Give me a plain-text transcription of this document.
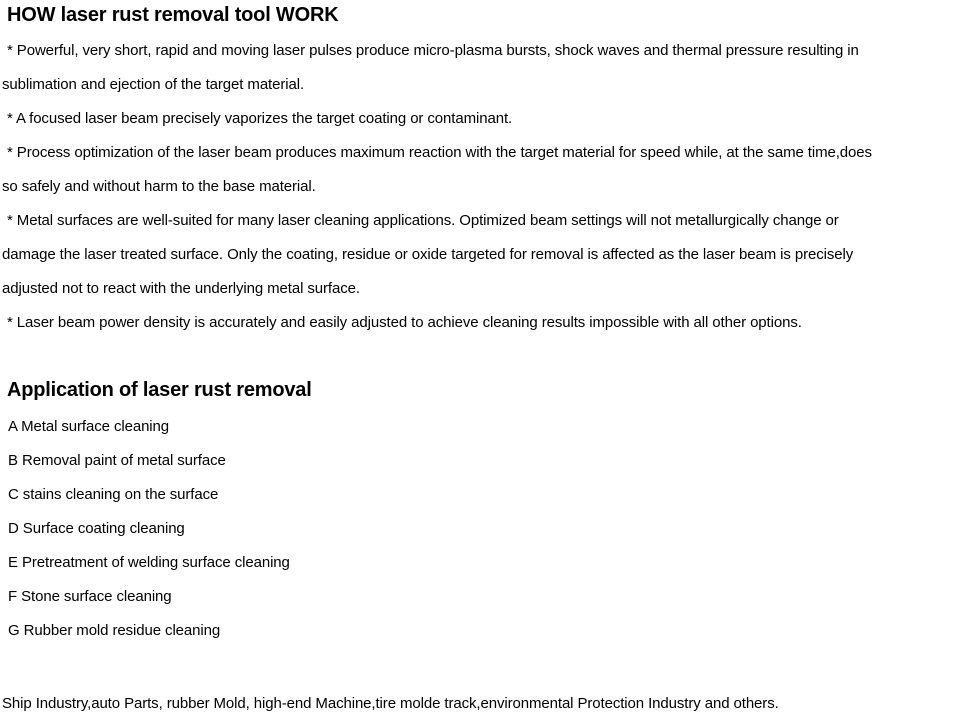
HOW laser rust removal tool WORK
* Powerful, very short, rapid and moving laser pulses produce micro-plasma bursts, shock waves and thermal pressure resulting in
sublimation and ejection of the target material.
* A focused laser beam precisely vaporizes the target coating or contaminant.
* Process optimization of the laser beam produces maximum reaction with the target material for speed while, at the same time,does
so safely and without harm to the base material.
* Metal surfaces are well-suited for many laser cleaning applications. Optimized beam settings will not metallurgically change or
damage the laser treated surface. Only the coating, residue or oxide targeted for removal is affected as the laser beam is precisely
adjusted not to react with the underlying metal surface.
* Laser beam power density is accurately and easily adjusted to achieve cleaning results impossible with all other options.
Application of laser rust removal
A Metal surface cleaning
B Removal paint of metal surface
C stains cleaning on the surface
D Surface coating cleaning
E Pretreatment of welding surface cleaning
F Stone surface cleaning
G Rubber mold residue cleaning
Ship Industry,auto Parts, rubber Mold, high-end Machine,tire molde track,environmental Protection Industry and others.
